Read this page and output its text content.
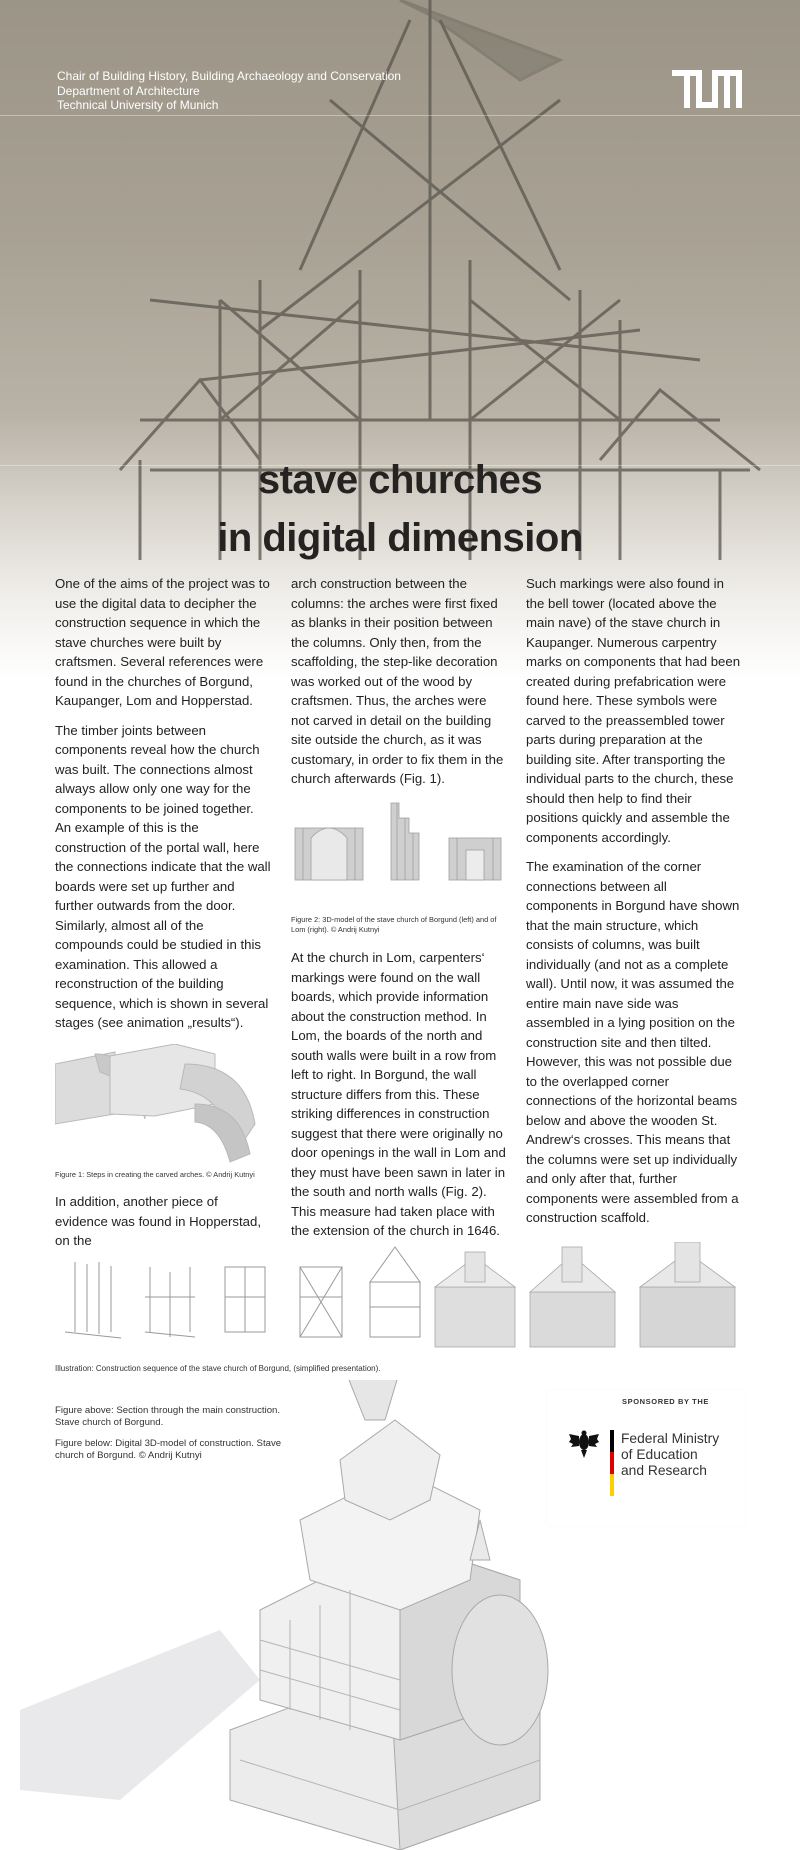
Chair of Building History, Building Archaeology and Conservation
Department of Architecture
Technical University of Munich
stave churches
in digital dimension

One of the aims of the project was to use the digital data to decipher the construction sequence in which the stave churches were built by craftsmen. Several references were found in the churches of Borgund, Kaupanger, Lom and Hopperstad.

The timber joints between components reveal how the church was built. The connections almost always allow only one way for the components to be joined together. An example of this is the construction of the portal wall, here the connections indicate that the wall boards were set up further and further outwards from the door. Similarly, almost all of the compounds could be studied in this examination. This allowed a reconstruction of the building sequence, which is shown in several stages (see animation „results“).

Figure 1: Steps in creating the carved arches. © Andrij Kutnyi

In addition, another piece of evidence was found in Hopperstad, on the

arch construction between the columns: the arches were first fixed as blanks in their position between the columns. Only then, from the scaffolding, the step-like decoration was worked out of the wood by craftsmen. Thus, the arches were not carved in detail on the building site outside the church, as it was customary, in order to fix them in the church afterwards (Fig. 1).

Figure 2: 3D-model of the stave church of Borgund (left) and of Lom (right). © Andrij Kutnyi

At the church in Lom, carpenters‘ markings were found on the wall boards, which provide information about the construction method. In Lom, the boards of the north and south walls were built in a row from left to right. In Borgund, the wall structure differs from this. These striking differences in construction suggest that there were originally no door openings in the wall in Lom and they must have been sawn in later in the south and north walls (Fig. 2). This measure had taken place with the extension of the church in 1646.

Such markings were also found in the bell tower (located above the main nave) of the stave church in Kaupanger. Numerous carpentry marks on components that had been created during prefabrication were found here. These symbols were carved to the preassembled tower parts during preparation at the building site. After transporting the individual parts to the church, these should then help to find their positions quickly and assemble the components accordingly.

The examination of the corner connections between all components in Borgund have shown that the main structure, which consists of columns, was built individually (and not as a complete wall). Until now, it was assumed the entire main nave side was assembled in a lying position on the construction site and then tilted. However, this was not possible due to the overlapped corner connections of the horizontal beams below and above the wooden St. Andrew‘s crosses. This means that the columns were set up individually and only after that, further components were assembled from a construction scaffold.

Illustration: Construction sequence of the stave church of Borgund, (simplified presentation).

Figure above: Section through the main construction. Stave church of Borgund.

Figure below: Digital 3D-model of construction. Stave church of Borgund. © Andrij Kutnyi

SPONSORED BY THE
Federal Ministry
of Education
and Research
